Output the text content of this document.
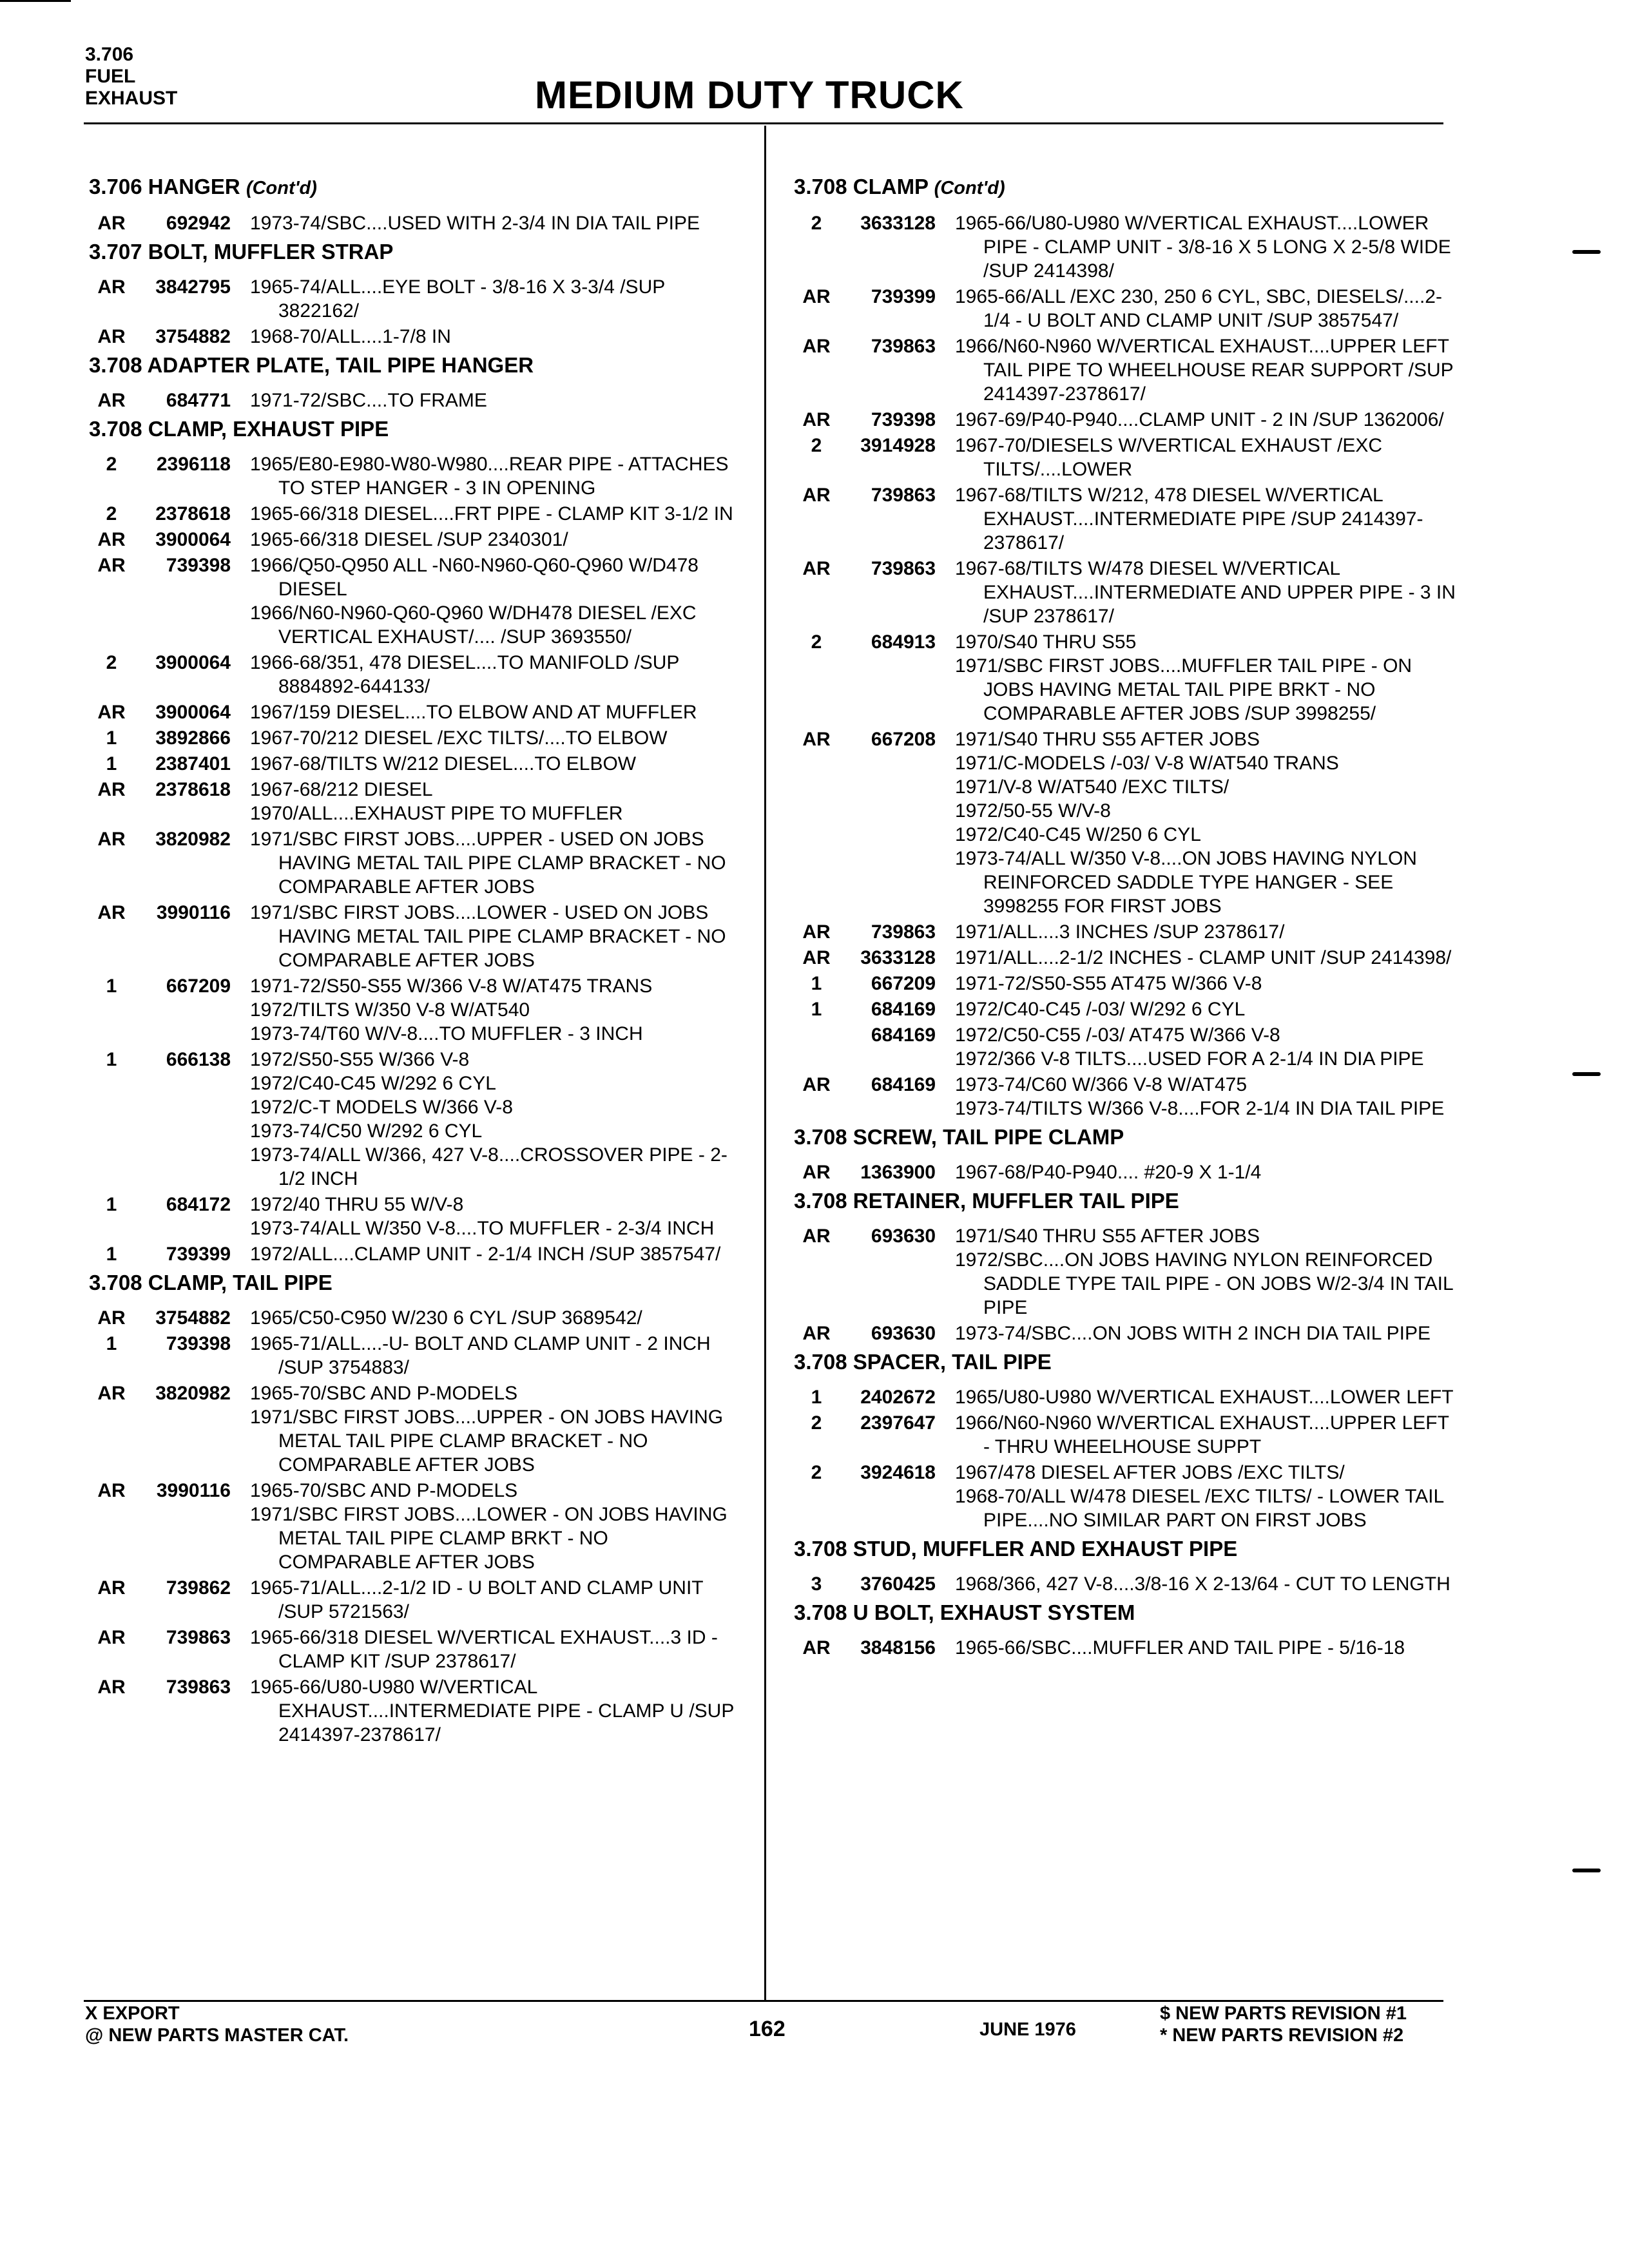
3.706
FUEL
EXHAUST	MEDIUM DUTY TRUCK
3.706 HANGER (Cont'd)
AR	692942 1973-74/SBC....USED WITH 2-3/4 IN DIA TAIL PIPE
3.707 BOLT, MUFFLER STRAP
AR	3842795 1965-74/ALL....EYE BOLT - 3/8-16 X 3-3/4 /SUP 3822162/
AR	3754882 1968-70/ALL....1-7/8 IN
3.708 ADAPTER PLATE, TAIL PIPE HANGER
AR	684771 1971-72/SBC....TO FRAME
3.708 CLAMP, EXHAUST PIPE
2	2396118 1965/E80-E980-W80-W980....REAR PIPE - ATTACHES TO STEP HANGER - 3 IN OPENING
2	2378618 1965-66/318 DIESEL....FRT PIPE - CLAMP KIT 3-1/2 IN
AR	3900064 1965-66/318 DIESEL /SUP 2340301/
AR	739398 1966/Q50-Q950 ALL -N60-N960-Q60-Q960 W/D478 DIESEL
1966/N60-N960-Q60-Q960 W/DH478 DIESEL /EXC VERTICAL EXHAUST/.... /SUP 3693550/
2	3900064 1966-68/351, 478 DIESEL....TO MANIFOLD /SUP 8884892-644133/
AR	3900064 1967/159 DIESEL....TO ELBOW AND AT MUFFLER
1	3892866 1967-70/212 DIESEL /EXC TILTS/....TO ELBOW
1	2387401 1967-68/TILTS W/212 DIESEL....TO ELBOW
AR	2378618 1967-68/212 DIESEL
1970/ALL....EXHAUST PIPE TO MUFFLER
AR	3820982 1971/SBC FIRST JOBS....UPPER - USED ON JOBS HAVING METAL TAIL PIPE CLAMP BRACKET - NO COMPARABLE AFTER JOBS
AR	3990116 1971/SBC FIRST JOBS....LOWER - USED ON JOBS HAVING METAL TAIL PIPE CLAMP BRACKET - NO COMPARABLE AFTER JOBS
1	667209 1971-72/S50-S55 W/366 V-8 W/AT475 TRANS
1972/TILTS W/350 V-8 W/AT540
1973-74/T60 W/V-8....TO MUFFLER - 3 INCH
1	666138 1972/S50-S55 W/366 V-8
1972/C40-C45 W/292 6 CYL
1972/C-T MODELS W/366 V-8
1973-74/C50 W/292 6 CYL
1973-74/ALL W/366, 427 V-8....CROSSOVER PIPE - 2-1/2 INCH
1	684172 1972/40 THRU 55 W/V-8
1973-74/ALL W/350 V-8....TO MUFFLER - 2-3/4 INCH
1	739399 1972/ALL....CLAMP UNIT - 2-1/4 INCH /SUP 3857547/
3.708 CLAMP, TAIL PIPE
AR	3754882 1965/C50-C950 W/230 6 CYL /SUP 3689542/
1	739398 1965-71/ALL....-U- BOLT AND CLAMP UNIT - 2 INCH /SUP 3754883/
AR	3820982 1965-70/SBC AND P-MODELS
1971/SBC FIRST JOBS....UPPER - ON JOBS HAVING METAL TAIL PIPE CLAMP BRACKET - NO COMPARABLE AFTER JOBS
AR	3990116 1965-70/SBC AND P-MODELS
1971/SBC FIRST JOBS....LOWER - ON JOBS HAVING METAL TAIL PIPE CLAMP BRKT - NO COMPARABLE AFTER JOBS
AR	739862 1965-71/ALL....2-1/2 ID - U BOLT AND CLAMP UNIT /SUP 5721563/
AR	739863 1965-66/318 DIESEL W/VERTICAL EXHAUST....3 ID - CLAMP KIT /SUP 2378617/
AR	739863 1965-66/U80-U980 W/VERTICAL EXHAUST....INTERMEDIATE PIPE - CLAMP U /SUP 2414397-2378617/
3.708 CLAMP (Cont'd)
2	3633128 1965-66/U80-U980 W/VERTICAL EXHAUST....LOWER PIPE - CLAMP UNIT - 3/8-16 X 5 LONG X 2-5/8 WIDE /SUP 2414398/
AR	739399 1965-66/ALL /EXC 230, 250 6 CYL, SBC, DIESELS/....2-1/4 - U BOLT AND CLAMP UNIT /SUP 3857547/
AR	739863 1966/N60-N960 W/VERTICAL EXHAUST....UPPER LEFT TAIL PIPE TO WHEELHOUSE REAR SUPPORT /SUP 2414397-2378617/
AR	739398 1967-69/P40-P940....CLAMP UNIT - 2 IN /SUP 1362006/
2	3914928 1967-70/DIESELS W/VERTICAL EXHAUST /EXC TILTS/....LOWER
AR	739863 1967-68/TILTS W/212, 478 DIESEL W/VERTICAL EXHAUST....INTERMEDIATE PIPE /SUP 2414397-2378617/
AR	739863 1967-68/TILTS W/478 DIESEL W/VERTICAL EXHAUST....INTERMEDIATE AND UPPER PIPE - 3 IN /SUP 2378617/
2	684913 1970/S40 THRU S55
1971/SBC FIRST JOBS....MUFFLER TAIL PIPE - ON JOBS HAVING METAL TAIL PIPE BRKT - NO COMPARABLE AFTER JOBS /SUP 3998255/
AR	667208 1971/S40 THRU S55 AFTER JOBS
1971/C-MODELS /-03/ V-8 W/AT540 TRANS
1971/V-8 W/AT540 /EXC TILTS/
1972/50-55 W/V-8
1972/C40-C45 W/250 6 CYL
1973-74/ALL W/350 V-8....ON JOBS HAVING NYLON REINFORCED SADDLE TYPE HANGER - SEE 3998255 FOR FIRST JOBS
AR	739863 1971/ALL....3 INCHES /SUP 2378617/
AR	3633128 1971/ALL....2-1/2 INCHES - CLAMP UNIT /SUP 2414398/
1	667209 1971-72/S50-S55 AT475 W/366 V-8
1	684169 1972/C40-C45 /-03/ W/292 6 CYL
684169 1972/C50-C55 /-03/ AT475 W/366 V-8
1972/366 V-8 TILTS....USED FOR A 2-1/4 IN DIA PIPE
AR	684169 1973-74/C60 W/366 V-8 W/AT475
1973-74/TILTS W/366 V-8....FOR 2-1/4 IN DIA TAIL PIPE
3.708 SCREW, TAIL PIPE CLAMP
AR	1363900 1967-68/P40-P940.... #20-9 X 1-1/4
3.708 RETAINER, MUFFLER TAIL PIPE
AR	693630 1971/S40 THRU S55 AFTER JOBS
1972/SBC....ON JOBS HAVING NYLON REINFORCED SADDLE TYPE TAIL PIPE - ON JOBS W/2-3/4 IN TAIL PIPE
AR	693630 1973-74/SBC....ON JOBS WITH 2 INCH DIA TAIL PIPE
3.708 SPACER, TAIL PIPE
1	2402672 1965/U80-U980 W/VERTICAL EXHAUST....LOWER LEFT
2	2397647 1966/N60-N960 W/VERTICAL EXHAUST....UPPER LEFT - THRU WHEELHOUSE SUPPT
2	3924618 1967/478 DIESEL AFTER JOBS /EXC TILTS/
1968-70/ALL W/478 DIESEL /EXC TILTS/ - LOWER TAIL PIPE....NO SIMILAR PART ON FIRST JOBS
3.708 STUD, MUFFLER AND EXHAUST PIPE
3	3760425 1968/366, 427 V-8....3/8-16 X 2-13/64 - CUT TO LENGTH
3.708 U BOLT, EXHAUST SYSTEM
AR	3848156 1965-66/SBC....MUFFLER AND TAIL PIPE - 5/16-18
X EXPORT
@ NEW PARTS MASTER CAT.	162	JUNE 1976
$ NEW PARTS REVISION #1
* NEW PARTS REVISION #2
